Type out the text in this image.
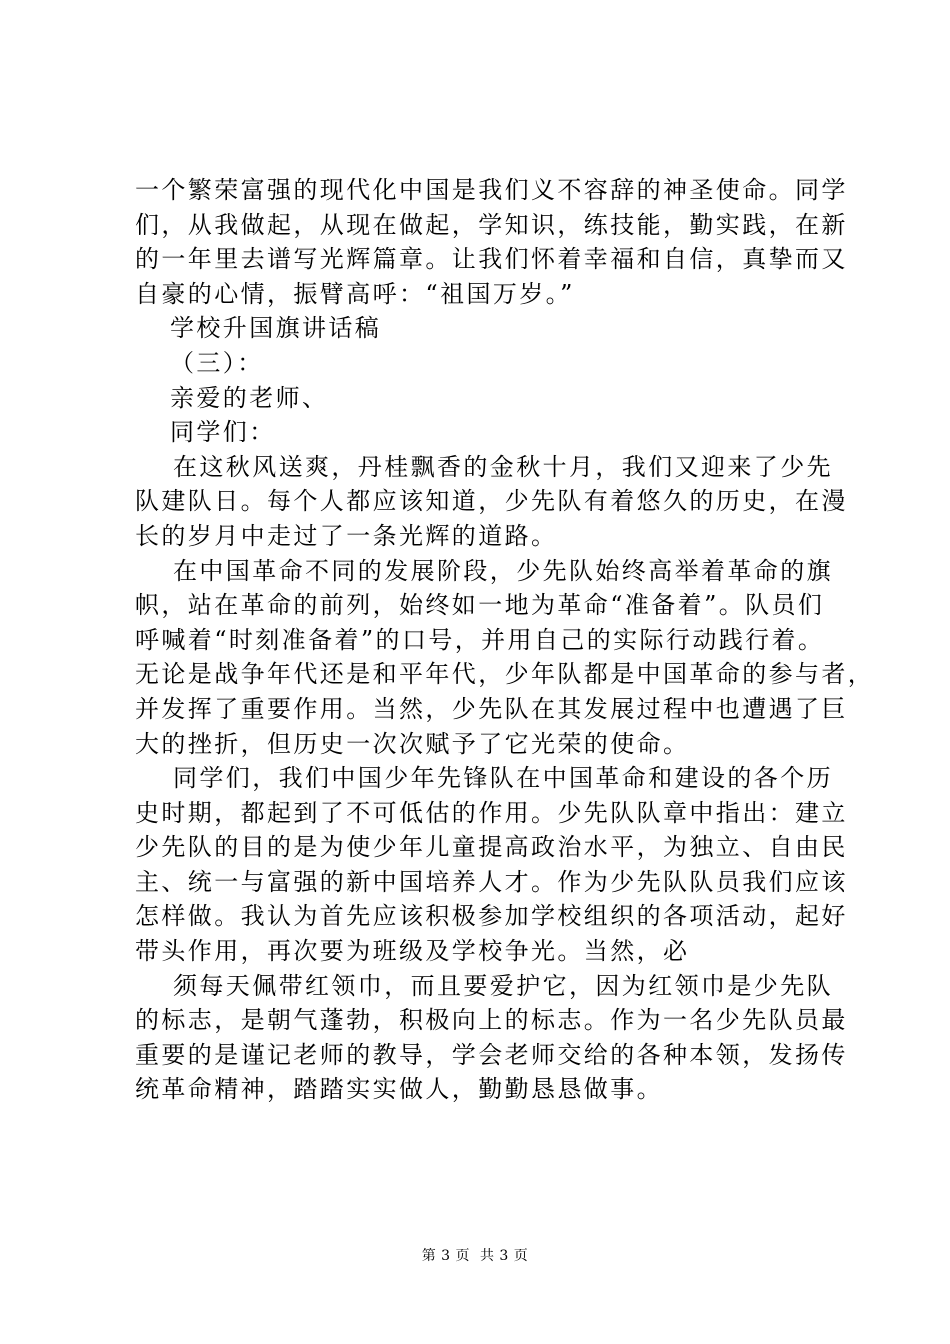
一个繁荣富强的现代化中国是我们义不容辞的神圣使命。同学
们，从我做起，从现在做起，学知识，练技能，勤实践，在新
的一年里去谱写光辉篇章。让我们怀着幸福和自信，真挚而又
自豪的心情，振臂高呼：“祖国万岁。”
学校升国旗讲话稿
（三）：
亲爱的老师、
同学们：
在这秋风送爽，丹桂飘香的金秋十月，我们又迎来了少先
队建队日。每个人都应该知道，少先队有着悠久的历史，在漫
长的岁月中走过了一条光辉的道路。
在中国革命不同的发展阶段，少先队始终高举着革命的旗
帜，站在革命的前列，始终如一地为革命“准备着”。队员们
呼喊着“时刻准备着”的口号，并用自己的实际行动践行着。
无论是战争年代还是和平年代，少年队都是中国革命的参与者，
并发挥了重要作用。当然，少先队在其发展过程中也遭遇了巨
大的挫折，但历史一次次赋予了它光荣的使命。
同学们，我们中国少年先锋队在中国革命和建设的各个历
史时期，都起到了不可低估的作用。少先队队章中指出：建立
少先队的目的是为使少年儿童提高政治水平，为独立、自由民
主、统一与富强的新中国培养人才。作为少先队队员我们应该
怎样做。我认为首先应该积极参加学校组织的各项活动，起好
带头作用，再次要为班级及学校争光。当然，必
须每天佩带红领巾，而且要爱护它，因为红领巾是少先队
的标志，是朝气蓬勃，积极向上的标志。作为一名少先队员最
重要的是谨记老师的教导，学会老师交给的各种本领，发扬传
统革命精神，踏踏实实做人，勤勤恳恳做事。
第 3 页  共 3 页
